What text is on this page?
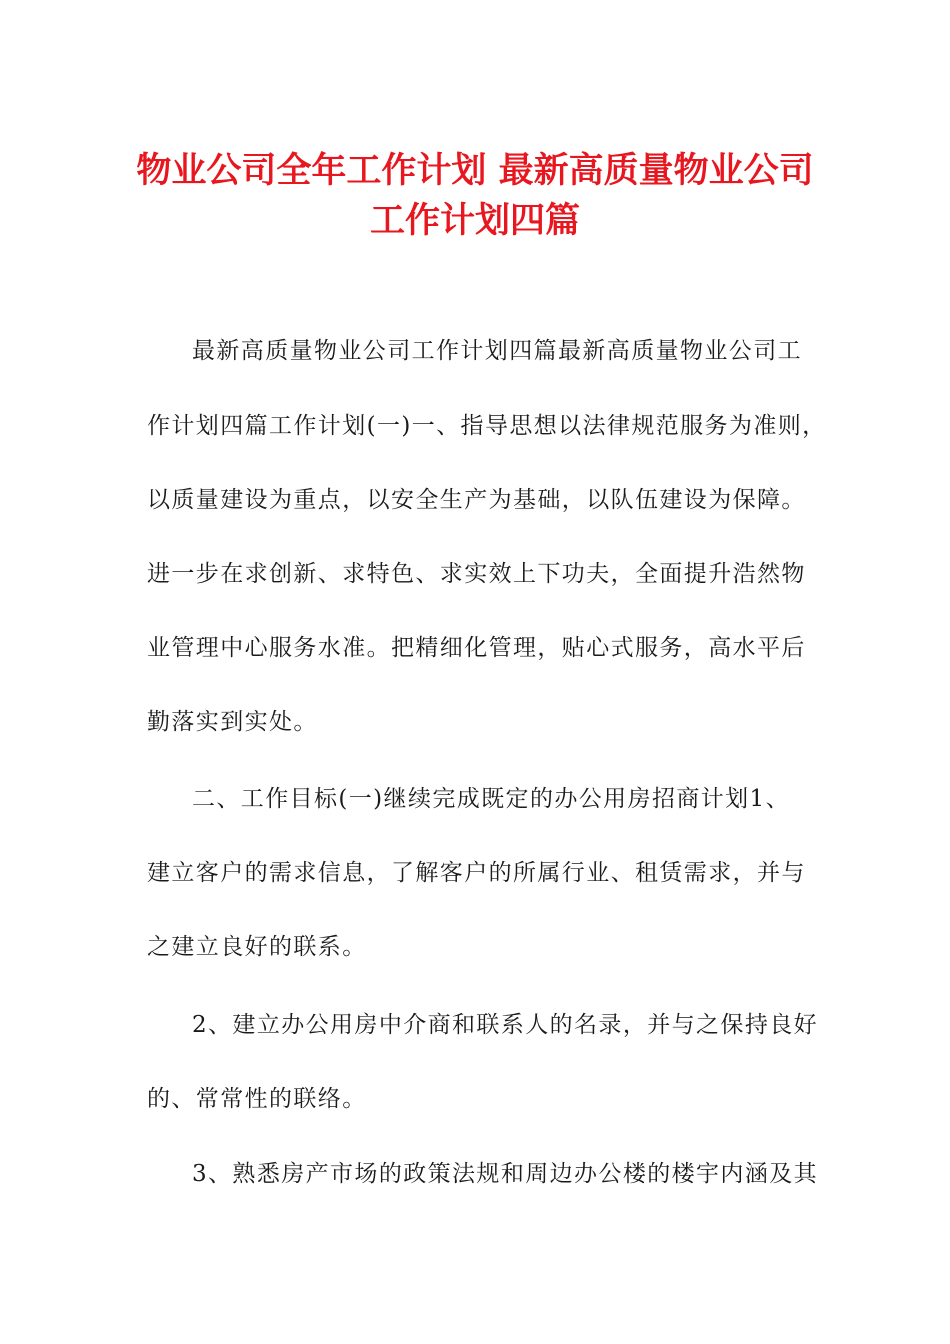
物业公司全年工作计划 最新高质量物业公司
工作计划四篇

最新高质量物业公司工作计划四篇最新高质量物业公司工

作计划四篇工作计划(一)一、指导思想以法律规范服务为准则，

以质量建设为重点，以安全生产为基础，以队伍建设为保障。

进一步在求创新、求特色、求实效上下功夫，全面提升浩然物

业管理中心服务水准。把精细化管理，贴心式服务，高水平后

勤落实到实处。

二、工作目标(一)继续完成既定的办公用房招商计划1、

建立客户的需求信息，了解客户的所属行业、租赁需求，并与

之建立良好的联系。

2、建立办公用房中介商和联系人的名录，并与之保持良好

的、常常性的联络。

3、熟悉房产市场的政策法规和周边办公楼的楼宇内涵及其
